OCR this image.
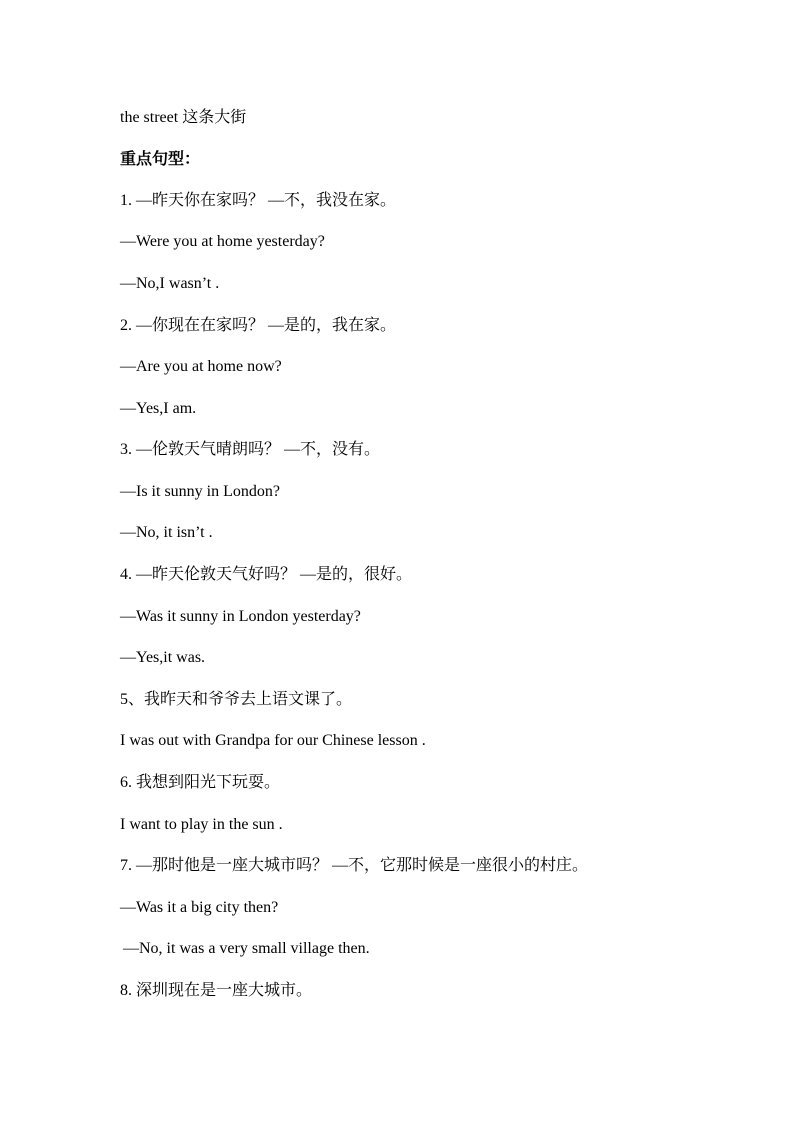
the street 这条大街
重点句型：
1. —昨天你在家吗？ —不，我没在家。
—Were you at home yesterday?
—No,I wasn’t .
2. —你现在在家吗？ —是的，我在家。
—Are you at home now?
—Yes,I am.
3. —伦敦天气晴朗吗？ —不，没有。
—Is it sunny in London?
—No, it isn’t .
4. —昨天伦敦天气好吗？ —是的，很好。
—Was it sunny in London yesterday?
—Yes,it was.
5、我昨天和爷爷去上语文课了。
I was out with Grandpa for our Chinese lesson .
6. 我想到阳光下玩耍。
I want to play in the sun .
7. —那时他是一座大城市吗？ —不，它那时候是一座很小的村庄。
—Was it a big city then?
—No, it was a very small village then.
8. 深圳现在是一座大城市。
